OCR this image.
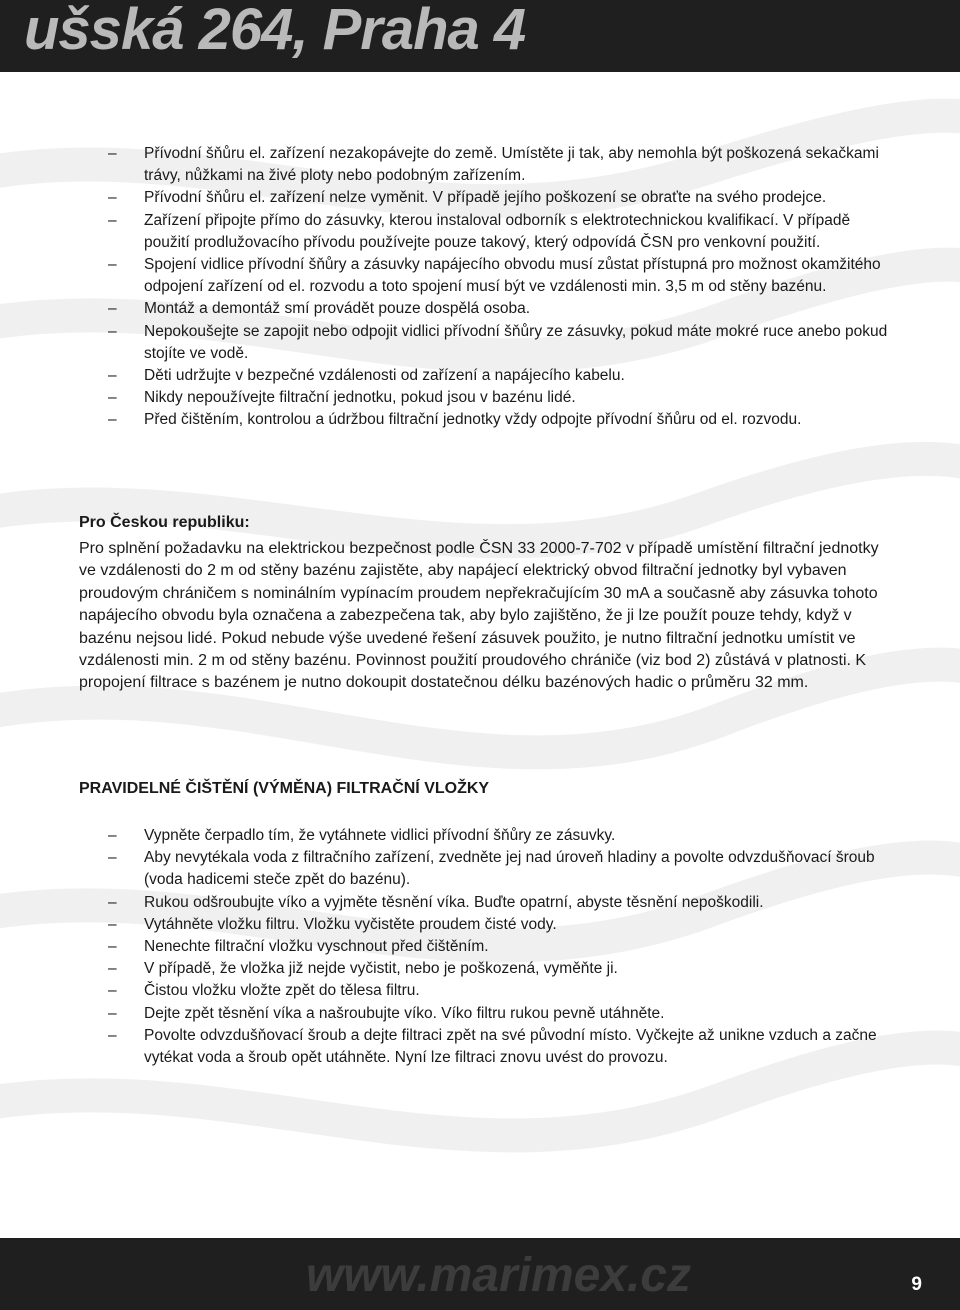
ušská 264, Praha 4
– Přívodní šňůru el. zařízení nezakopávejte do země. Umístěte ji tak, aby nemohla být poškozená sekačkami trávy, nůžkami na živé ploty nebo podobným zařízením.
– Přívodní šňůru el. zařízení nelze vyměnit. V případě jejího poškození se obraťte na svého prodejce.
– Zařízení připojte přímo do zásuvky, kterou instaloval odborník s elektrotechnickou kvalifikací. V případě použití prodlužovacího přívodu používejte pouze takový, který odpovídá ČSN pro venkovní použití.
– Spojení vidlice přívodní šňůry a zásuvky napájecího obvodu musí zůstat přístupná pro možnost okamžitého odpojení zařízení od el. rozvodu a toto spojení musí být ve vzdálenosti min. 3,5 m od stěny bazénu.
– Montáž a demontáž smí provádět pouze dospělá osoba.
– Nepokoušejte se zapojit nebo odpojit vidlici přívodní šňůry ze zásuvky, pokud máte mokré ruce anebo pokud stojíte ve vodě.
– Děti udržujte v bezpečné vzdálenosti od zařízení a napájecího kabelu.
– Nikdy nepoužívejte filtrační jednotku, pokud jsou v bazénu lidé.
– Před čištěním, kontrolou a údržbou filtrační jednotky vždy odpojte přívodní šňůru od el. rozvodu.
Pro Českou republiku:
Pro splnění požadavku na elektrickou bezpečnost podle ČSN 33 2000-7-702 v případě umístění filtrační jednotky ve vzdálenosti do 2 m od stěny bazénu zajistěte, aby napájecí elektrický obvod filtrační jednotky byl vybaven proudovým chráničem s nominálním vypínacím proudem nepřekračujícím 30 mA a současně aby zásuvka tohoto napájecího obvodu byla označena a zabezpečena tak, aby bylo zajištěno, že ji lze použít pouze tehdy, když v bazénu nejsou lidé. Pokud nebude výše uvedené řešení zásuvek použito, je nutno filtrační jednotku umístit ve vzdálenosti min. 2 m od stěny bazénu. Povinnost použití proudového chrániče (viz bod 2) zůstává v platnosti. K propojení filtrace s bazénem je nutno dokoupit dostatečnou délku bazénových hadic o průměru 32 mm.
PRAVIDELNÉ ČIŠTĚNÍ (VÝMĚNA) FILTRAČNÍ VLOŽKY
– Vypněte čerpadlo tím, že vytáhnete vidlici přívodní šňůry ze zásuvky.
– Aby nevytékala voda z filtračního zařízení, zvedněte jej nad úroveň hladiny a povolte odvzdušňovací šroub (voda hadicemi steče zpět do bazénu).
– Rukou odšroubujte víko a vyjměte těsnění víka. Buďte opatrní, abyste těsnění nepoškodili.
– Vytáhněte vložku filtru. Vložku vyčistěte proudem čisté vody.
– Nenechte filtrační vložku vyschnout před čištěním.
– V případě, že vložka již nejde vyčistit, nebo je poškozená, vyměňte ji.
– Čistou vložku vložte zpět do tělesa filtru.
– Dejte zpět těsnění víka a našroubujte víko. Víko filtru rukou pevně utáhněte.
– Povolte odvzdušňovací šroub a dejte filtraci zpět na své původní místo. Vyčkejte až unikne vzduch a začne vytékat voda a šroub opět utáhněte. Nyní lze filtraci znovu uvést do provozu.
www.marimex.cz	9
